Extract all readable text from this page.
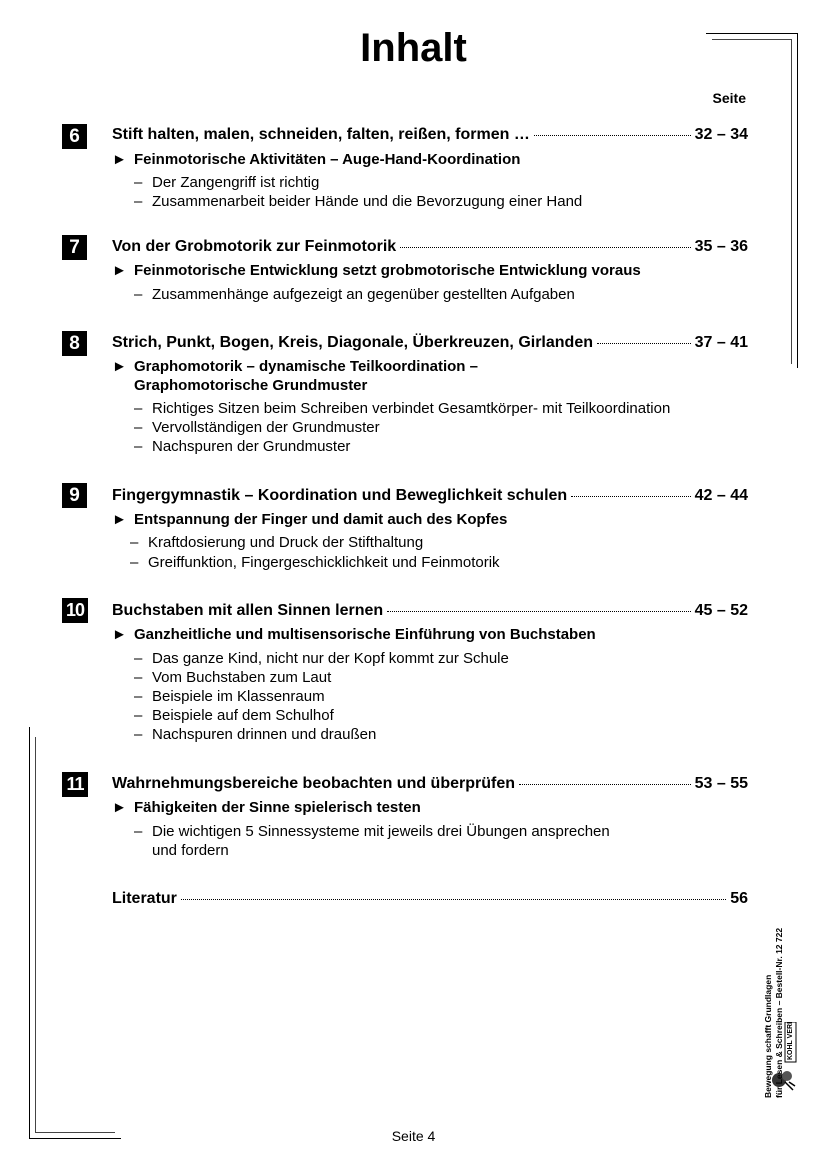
Inhalt
Seite
6	Stift halten, malen, schneiden, falten, reißen, formen …	32 – 34
► Feinmotorische Aktivitäten – Auge-Hand-Koordination
– Der Zangengriff ist richtig
– Zusammenarbeit beider Hände und die Bevorzugung einer Hand
7	Von der Grobmotorik zur Feinmotorik	35 – 36
► Feinmotorische Entwicklung setzt grobmotorische Entwicklung voraus
– Zusammenhänge aufgezeigt an gegenüber gestellten Aufgaben
8	Strich, Punkt, Bogen, Kreis, Diagonale, Überkreuzen, Girlanden	37 – 41
► Graphomotorik – dynamische Teilkoordination –
Graphomotorische Grundmuster
– Richtiges Sitzen beim Schreiben verbindet Gesamtkörper- mit Teilkoordination
– Vervollständigen der Grundmuster
– Nachspuren der Grundmuster
9	Fingergymnastik – Koordination und Beweglichkeit schulen	42 – 44
► Entspannung der Finger und damit auch des Kopfes
– Kraftdosierung und Druck der Stifthaltung
– Greiffunktion, Fingergeschicklichkeit und Feinmotorik
10 Buchstaben mit allen Sinnen lernen	45 – 52
► Ganzheitliche und multisensorische Einführung von Buchstaben
– Das ganze Kind, nicht nur der Kopf kommt zur Schule
– Vom Buchstaben zum Laut
– Beispiele im Klassenraum
– Beispiele auf dem Schulhof
– Nachspuren drinnen und draußen
11 Wahrnehmungsbereiche beobachten und überprüfen	53 – 55
► Fähigkeiten der Sinne spielerisch testen
– Die wichtigen 5 Sinnessysteme mit jeweils drei Übungen ansprechen
und fordern
Literatur	56
KOHL VERLAG
Bewegung schafft Grundlagen für Lesen & Schreiben – Bestell-Nr. 12 722
Seite 4
